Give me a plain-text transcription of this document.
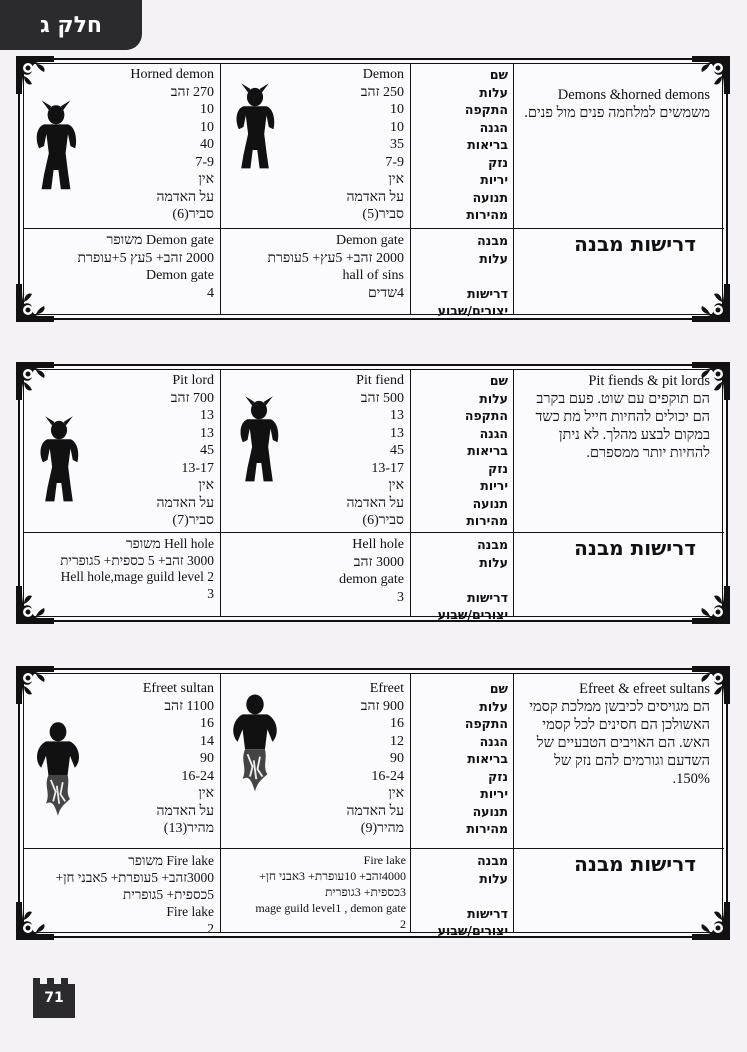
חלק ג
Demons &horned demons
משמשים למלחמה פנים מול פנים.
דרישות מבנה
שם
עלות
התקפה
הגנה
בריאות
נזק
יריות
תנועה
מהירות
מבנה
עלות
דרישות
יצורים/שבוע
Demon
250 זהב
10
10
35
7-9
אין
על האדמה
סביר(5)
Demon gate
2000 זהב+ 5עץ+ 5עופרת
hall of sins
4שדים
Horned demon
270 זהב
10
10
40
7-9
אין
על האדמה
סביר(6)
Demon gate משופר
2000 זהב+ 5עץ 5+עופרת
Demon gate
4
Pit fiends & pit lords
הם תוקפים עם שוט. פעם בקרב הם יכולים להחיות חייל מת כשד במקום לבצע מהלך. לא ניתן להחיות יותר ממספרם.
דרישות מבנה
שם
עלות
התקפה
הגנה
בריאות
נזק
יריות
תנועה
מהירות
מבנה
עלות
דרישות
יצורים/שבוע
Pit fiend
500 זהב
13
13
45
13-17
אין
על האדמה
סביר(6)
Hell hole
3000 זהב
demon gate
3
Pit lord
700 זהב
13
13
45
13-17
אין
על האדמה
סביר(7)
Hell hole משופר
3000 זהב+ 5 כספית+ 5גופרית
Hell hole,mage guild level 2
3
Efreet & efreet sultans
הם מגויסים לכיבשן ממלכת קסמי האשולכן הם חסינים לכל קסמי האש. הם האויבים הטבעיים של השדעם וגורמים להם נזק של 150%.
דרישות מבנה
שם
עלות
התקפה
הגנה
בריאות
נזק
יריות
תנועה
מהירות
מבנה
עלות
דרישות
יצורים/שבוע
Efreet
900 זהב
16
12
90
16-24
אין
על האדמה
מהיר(9)
Fire lake
4000זהב+ 10עופרת+ 3אבני חן+ 3כספית+ 3גופרית
mage guild level1 , demon gate
2
Efreet sultan
1100 זהב
16
14
90
16-24
אין
על האדמה
מהיר(13)
Fire lake משופר
3000זהב+ 5עופרת+ 5אבני חן+ 5כספית+ 5גופרית
Fire lake
2
71
